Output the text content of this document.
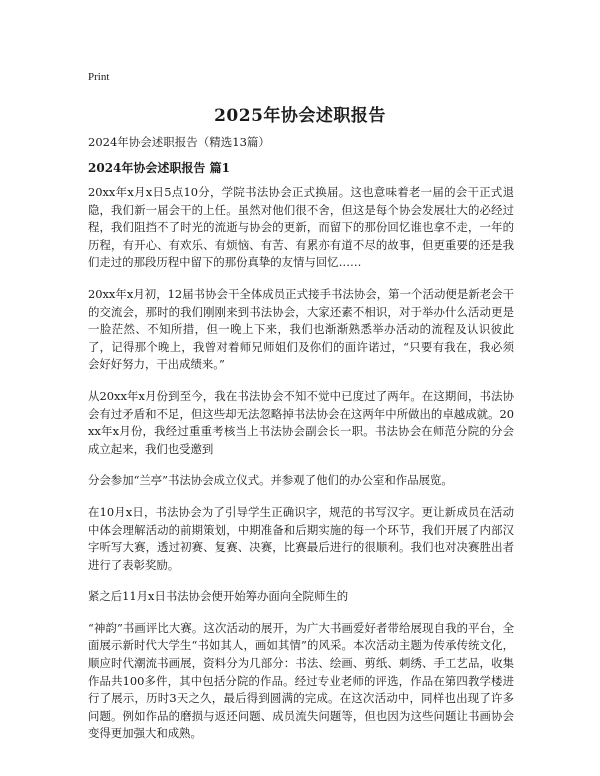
Print
2025年协会述职报告
2024年协会述职报告（精选13篇）
2024年协会述职报告 篇1

20xx年x月x日5点10分，学院书法协会正式换届。这也意味着老一届的会干正式退隐，我们新一届会干的上任。虽然对他们很不舍，但这是每个协会发展壮大的必经过程，我们阻挡不了时光的流逝与协会的更新，而留下的那份回忆谁也拿不走，一年的历程，有开心、有欢乐、有烦恼、有苦、有累亦有道不尽的故事，但更重要的还是我们走过的那段历程中留下的那份真挚的友情与回忆……

20xx年x月初，12届书协会干全体成员正式接手书法协会，第一个活动便是新老会干的交流会，那时的我们刚刚来到书法协会，大家还素不相识，对于举办什么活动更是一脸茫然、不知所措，但一晚上下来，我们也渐渐熟悉举办活动的流程及认识彼此了，记得那个晚上，我曾对着师兄师姐们及你们的面许诺过，“只要有我在，我必须会好好努力，干出成绩来。”

从20xx年x月份到至今，我在书法协会不知不觉中已度过了两年。在这期间，书法协会有过矛盾和不足，但这些却无法忽略掉书法协会在这两年中所做出的卓越成就。20xx年x月份，我经过重重考核当上书法协会副会长一职。书法协会在师范分院的分会成立起来，我们也受邀到

分会参加“兰亭”书法协会成立仪式。并参观了他们的办公室和作品展览。

在10月x日，书法协会为了引导学生正确识字，规范的书写汉字。更让新成员在活动中体会理解活动的前期策划，中期准备和后期实施的每一个环节，我们开展了内部汉字听写大赛，透过初赛、复赛、决赛，比赛最后进行的很顺利。我们也对决赛胜出者进行了表彰奖励。

紧之后11月x日书法协会便开始筹办面向全院师生的

“神韵”书画评比大赛。这次活动的展开，为广大书画爱好者带给展现自我的平台，全面展示新时代大学生“书如其人，画如其情”的风采。本次活动主题为传承传统文化，顺应时代潮流书画展，资料分为几部分：书法、绘画、剪纸、刺绣、手工艺品，收集作品共100多件，其中包括分院的作品。经过专业老师的评选，作品在第四教学楼进行了展示，历时3天之久，最后得到圆满的完成。在这次活动中，同样也出现了许多问题。例如作品的磨损与返还问题、成员流失问题等，但也因为这些问题让书画协会变得更加强大和成熟。
